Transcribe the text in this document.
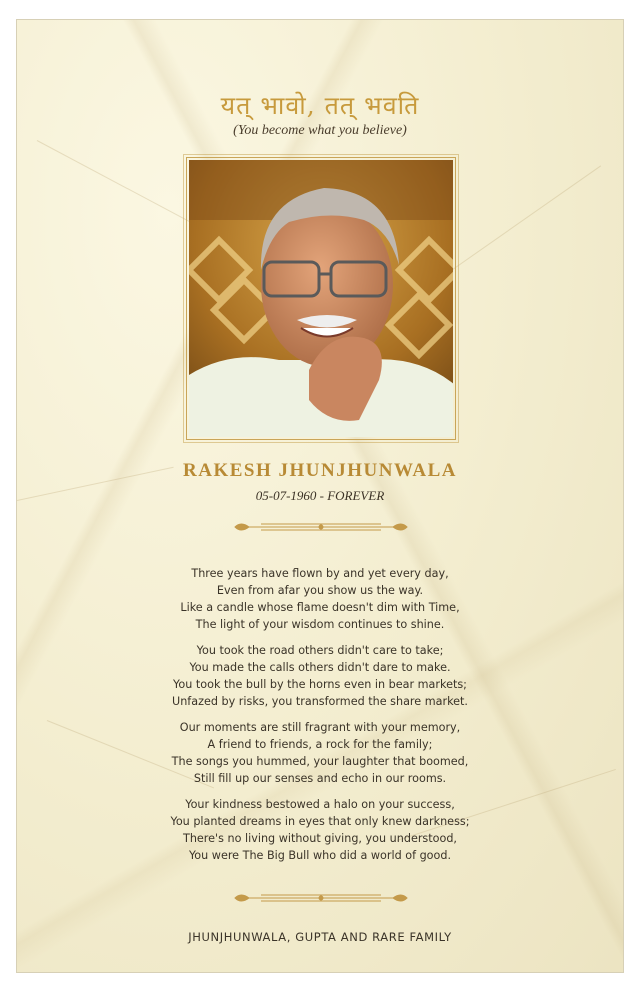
यत् भावो, तत् भवति
(You become what you believe)
RAKESH JHUNJHUNWALA
05-07-1960 - FOREVER
Three years have flown by and yet every day,
Even from afar you show us the way.
Like a candle whose flame doesn't dim with Time,
The light of your wisdom continues to shine.
You took the road others didn't care to take;
You made the calls others didn't dare to make.
You took the bull by the horns even in bear markets;
Unfazed by risks, you transformed the share market.
Our moments are still fragrant with your memory,
A friend to friends, a rock for the family;
The songs you hummed, your laughter that boomed,
Still fill up our senses and echo in our rooms.
Your kindness bestowed a halo on your success,
You planted dreams in eyes that only knew darkness;
There's no living without giving, you understood,
You were The Big Bull who did a world of good.
JHUNJHUNWALA, GUPTA AND RARE FAMILY
